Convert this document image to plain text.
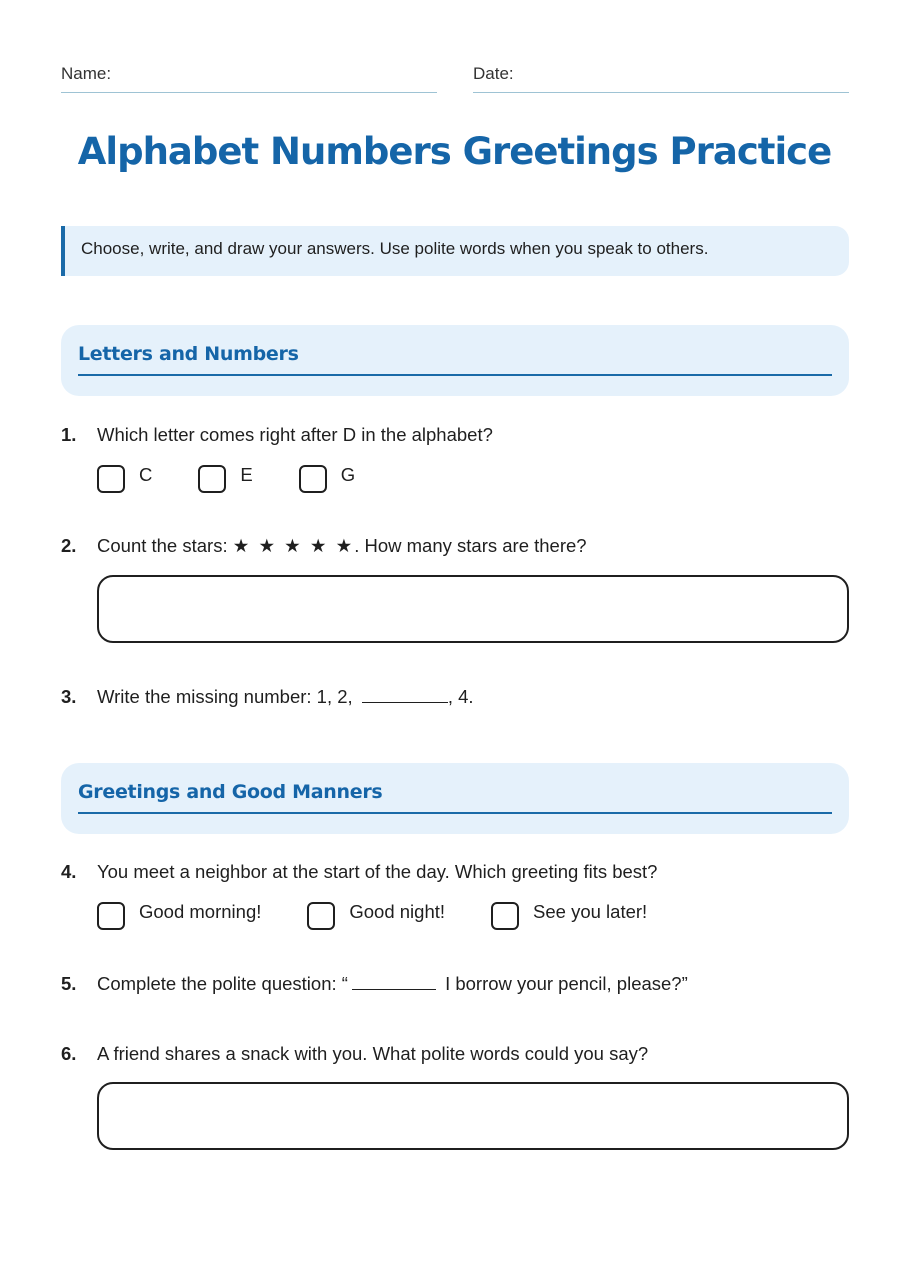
Name:	Date:
Alphabet Numbers Greetings Practice
Choose, write, and draw your answers. Use polite words when you speak to others.
Letters and Numbers
1. Which letter comes right after D in the alphabet?
C	E	G
2. Count the stars: ★ ★ ★ ★ ★. How many stars are there?
3. Write the missing number: 1, 2,	, 4.
Greetings and Good Manners
4. You meet a neighbor at the start of the day. Which greeting fits best?
Good morning!	Good night!	See you later!
5. Complete the polite question: “	I borrow your pencil, please?”
6. A friend shares a snack with you. What polite words could you say?
